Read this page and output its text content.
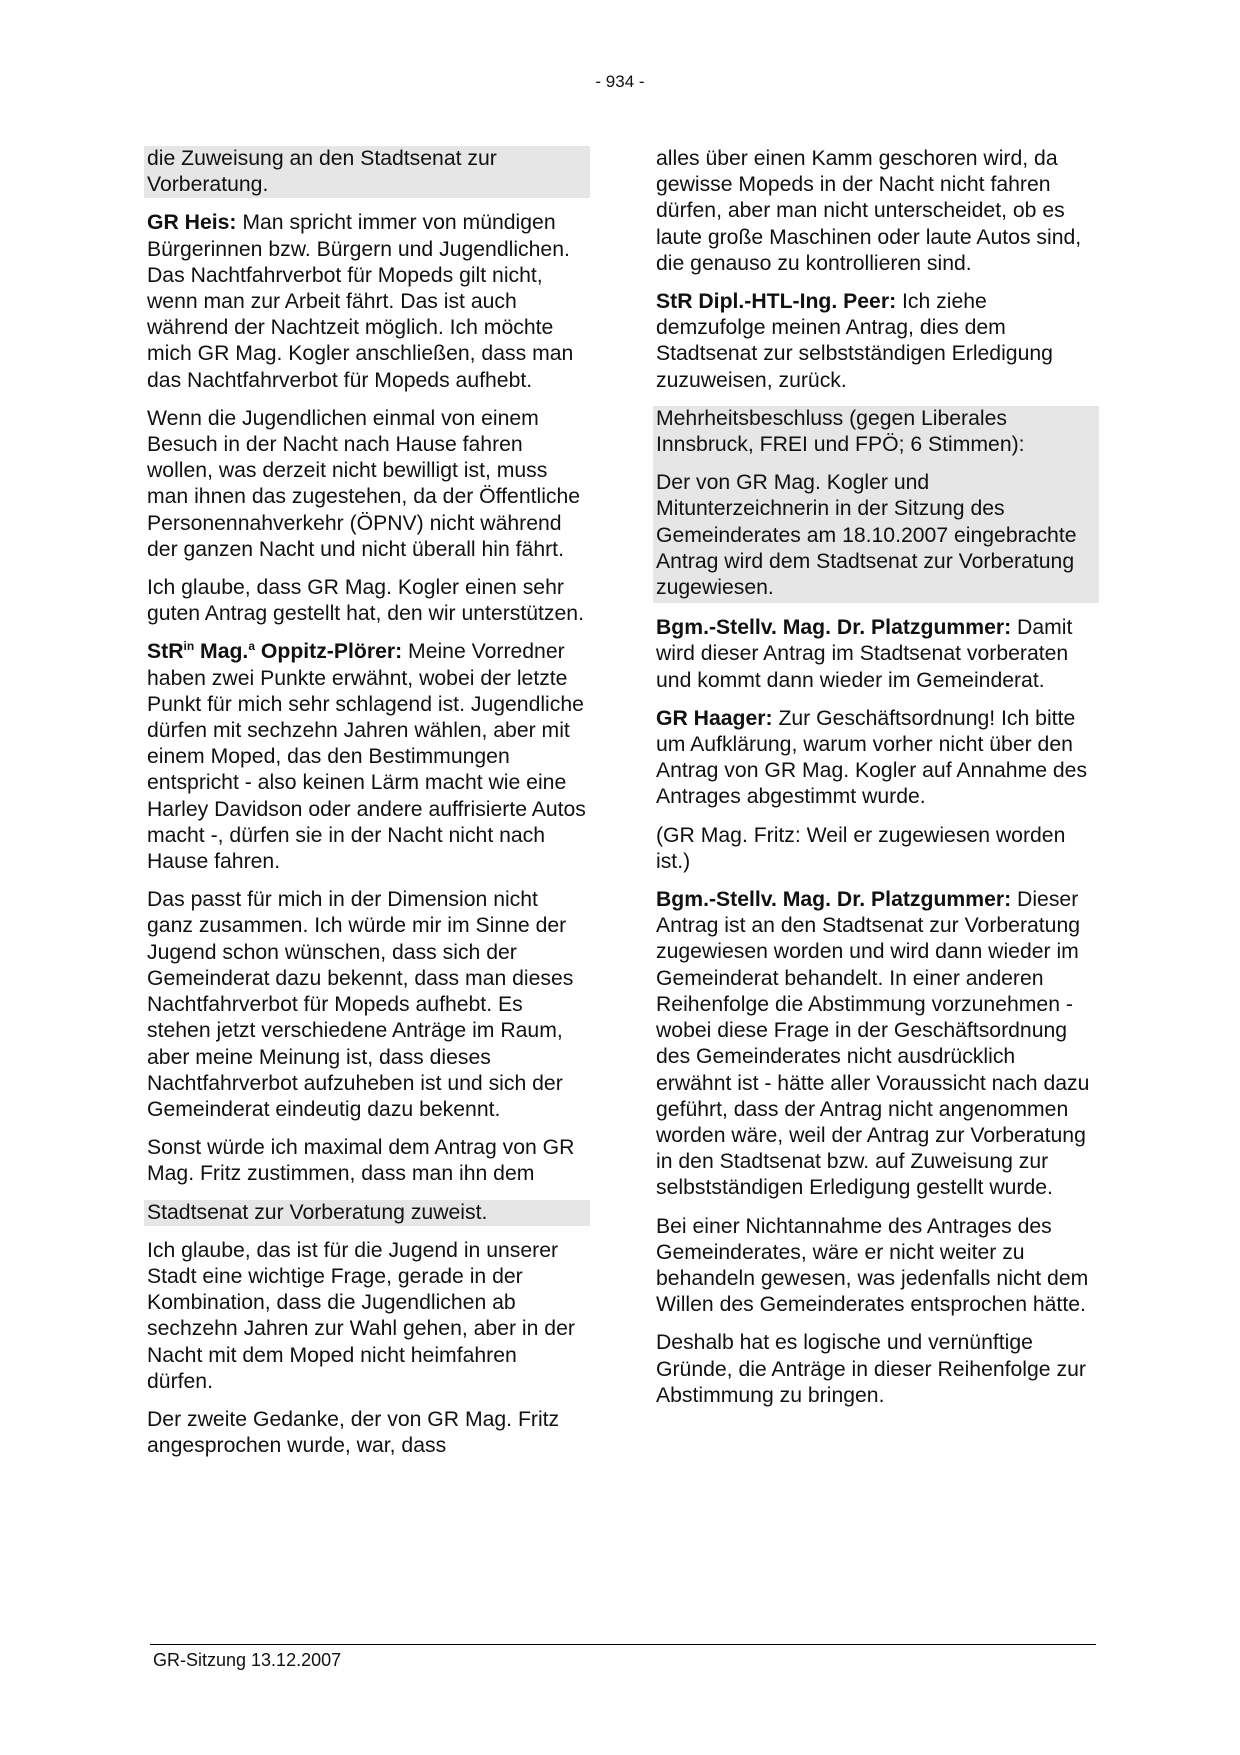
- 934 -

die Zuweisung an den Stadtsenat zur Vorberatung.

GR Heis: Man spricht immer von mündigen Bürgerinnen bzw. Bürgern und Jugendlichen. Das Nachtfahrverbot für Mopeds gilt nicht, wenn man zur Arbeit fährt. Das ist auch während der Nachtzeit möglich. Ich möchte mich GR Mag. Kogler anschließen, dass man das Nachtfahrverbot für Mopeds aufhebt.

Wenn die Jugendlichen einmal von einem Besuch in der Nacht nach Hause fahren wollen, was derzeit nicht bewilligt ist, muss man ihnen das zugestehen, da der Öffentliche Personennahverkehr (ÖPNV) nicht während der ganzen Nacht und nicht überall hin fährt.

Ich glaube, dass GR Mag. Kogler einen sehr guten Antrag gestellt hat, den wir unterstützen.

StR$^{in}$ Mag.$^a$ Oppitz-Plörer: Meine Vorredner haben zwei Punkte erwähnt, wobei der letzte Punkt für mich sehr schlagend ist. Jugendliche dürfen mit sechzehn Jahren wählen, aber mit einem Moped, das den Bestimmungen entspricht - also keinen Lärm macht wie eine Harley Davidson oder andere auffrisierte Autos macht -, dürfen sie in der Nacht nicht nach Hause fahren.

Das passt für mich in der Dimension nicht ganz zusammen. Ich würde mir im Sinne der Jugend schon wünschen, dass sich der Gemeinderat dazu bekennt, dass man dieses Nachtfahrverbot für Mopeds aufhebt. Es stehen jetzt verschiedene Anträge im Raum, aber meine Meinung ist, dass dieses Nachtfahrverbot aufzuheben ist und sich der Gemeinderat eindeutig dazu bekennt.

Sonst würde ich maximal dem Antrag von GR Mag. Fritz zustimmen, dass man ihn dem

Stadtsenat zur Vorberatung zuweist.

Ich glaube, das ist für die Jugend in unserer Stadt eine wichtige Frage, gerade in der Kombination, dass die Jugendlichen ab sechzehn Jahren zur Wahl gehen, aber in der Nacht mit dem Moped nicht heimfahren dürfen.

Der zweite Gedanke, der von GR Mag. Fritz angesprochen wurde, war, dass

alles über einen Kamm geschoren wird, da gewisse Mopeds in der Nacht nicht fahren dürfen, aber man nicht unterscheidet, ob es laute große Maschinen oder laute Autos sind, die genauso zu kontrollieren sind.

StR Dipl.-HTL-Ing. Peer: Ich ziehe demzufolge meinen Antrag, dies dem Stadtsenat zur selbstständigen Erledigung zuzuweisen, zurück.

Mehrheitsbeschluss (gegen Liberales Innsbruck, FREI und FPÖ; 6 Stimmen):

Der von GR Mag. Kogler und Mitunterzeichnerin in der Sitzung des Gemeinderates am 18.10.2007 eingebrachte Antrag wird dem Stadtsenat zur Vorberatung zugewiesen.

Bgm.-Stellv. Mag. Dr. Platzgummer: Damit wird dieser Antrag im Stadtsenat vorberaten und kommt dann wieder im Gemeinderat.

GR Haager: Zur Geschäftsordnung! Ich bitte um Aufklärung, warum vorher nicht über den Antrag von GR Mag. Kogler auf Annahme des Antrages abgestimmt wurde.

(GR Mag. Fritz: Weil er zugewiesen worden ist.)

Bgm.-Stellv. Mag. Dr. Platzgummer: Dieser Antrag ist an den Stadtsenat zur Vorberatung zugewiesen worden und wird dann wieder im Gemeinderat behandelt. In einer anderen Reihenfolge die Abstimmung vorzunehmen - wobei diese Frage in der Geschäftsordnung des Gemeinderates nicht ausdrücklich erwähnt ist - hätte aller Voraussicht nach dazu geführt, dass der Antrag nicht angenommen worden wäre, weil der Antrag zur Vorberatung in den Stadtsenat bzw. auf Zuweisung zur selbstständigen Erledigung gestellt wurde.

Bei einer Nichtannahme des Antrages des Gemeinderates, wäre er nicht weiter zu behandeln gewesen, was jedenfalls nicht dem Willen des Gemeinderates entsprochen hätte.

Deshalb hat es logische und vernünftige Gründe, die Anträge in dieser Reihenfolge zur Abstimmung zu bringen.

GR-Sitzung 13.12.2007
